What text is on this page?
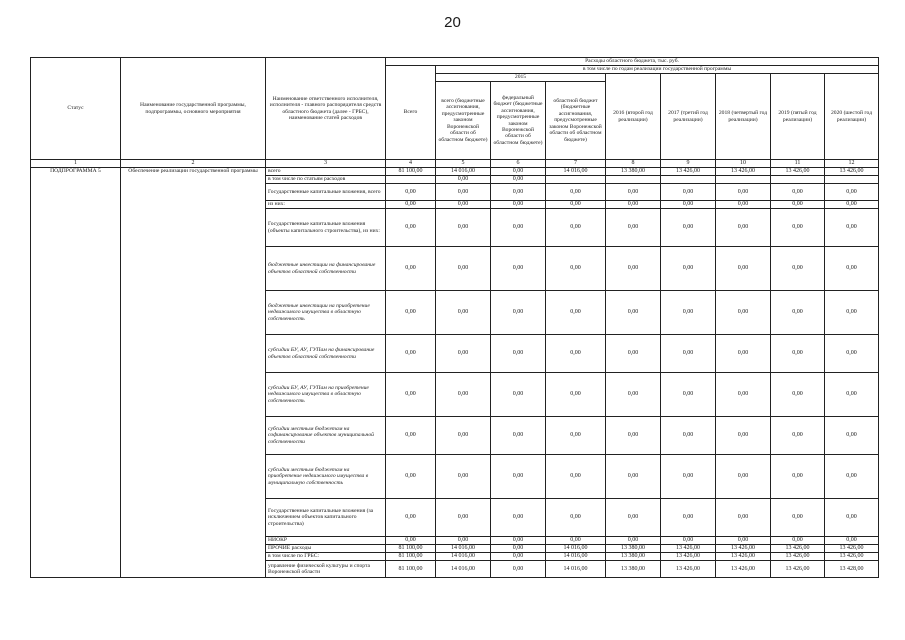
20
Статус	Наименование государственной программы, подпрограммы, основного мероприятия	Наименование ответственного исполнителя, исполнителя - главного распорядителя средств областного бюджета (далее - ГРБС), наименование статей расходов	Расходы областного бюджета, тыс. руб.								
			Всего	в том числе по годам реализации государственной программы							
				2015			2016 (второй год реализации)	2017 (третий год реализации)	2018 (четвертый год реализации)	2019 (пятый год реализации)	2020 (шестой год реализации)
				всего (бюджетные ассигнования, предусмотренные законом Воронежской области об областном бюджете)	федеральный бюджет (бюджетные ассигнования, предусмотренные законом Воронежской области об областном бюджете)	областной бюджет (бюджетные ассигнования, предусмотренные законом Воронежской области об областном бюджете)					
1	2	3	4	5	6	7	8	9	10	11	12
ПОДПРОГРАММА 5	Обеспечение реализации государственной программы	всего	81 100,00	14 016,00	0,00	14 016,00	13 380,00	13 426,00	13 426,00	13 426,00	13 426,00
		в том числе по статьям расходов		0,00	0,00						
		Государственные капитальные вложения, всего	0,00	0,00	0,00	0,00	0,00	0,00	0,00	0,00	0,00
		из них:	0,00	0,00	0,00	0,00	0,00	0,00	0,00	0,00	0,00
		Государственные капитальные вложения (объекты капитального строительства), из них:	0,00	0,00	0,00	0,00	0,00	0,00	0,00	0,00	0,00
		бюджетные инвестиции на финансирование объектов областной собственности	0,00	0,00	0,00	0,00	0,00	0,00	0,00	0,00	0,00
		бюджетные инвестиции на приобретение недвижимого имущества в областную собственность	0,00	0,00	0,00	0,00	0,00	0,00	0,00	0,00	0,00
		субсидии БУ, АУ, ГУПам на финансирование объектов областной собственности	0,00	0,00	0,00	0,00	0,00	0,00	0,00	0,00	0,00
		субсидии БУ, АУ, ГУПам на приобретение недвижимого имущества в областную собственность	0,00	0,00	0,00	0,00	0,00	0,00	0,00	0,00	0,00
		субсидии местным бюджетам на софинансирование объектов муниципальной собственности	0,00	0,00	0,00	0,00	0,00	0,00	0,00	0,00	0,00
		субсидии местным бюджетам на приобретение недвижимого имущества в муниципальную собственность	0,00	0,00	0,00	0,00	0,00	0,00	0,00	0,00	0,00
		Государственные капитальные вложения (за исключением объектов капитального строительства)	0,00	0,00	0,00	0,00	0,00	0,00	0,00	0,00	0,00
		НИОКР	0,00	0,00	0,00	0,00	0,00	0,00	0,00	0,00	0,00
		ПРОЧИЕ расходы	81 100,00	14 016,00	0,00	14 016,00	13 380,00	13 426,00	13 426,00	13 426,00	13 426,00
		в том числе по ГРБС:	81 100,00	14 016,00	0,00	14 016,00	13 380,00	13 426,00	13 426,00	13 426,00	13 426,00
		управление физической культуры и спорта Воронежской области	81 100,00	14 016,00	0,00	14 016,00	13 380,00	13 426,00	13 426,00	13 426,00	13 428,00
